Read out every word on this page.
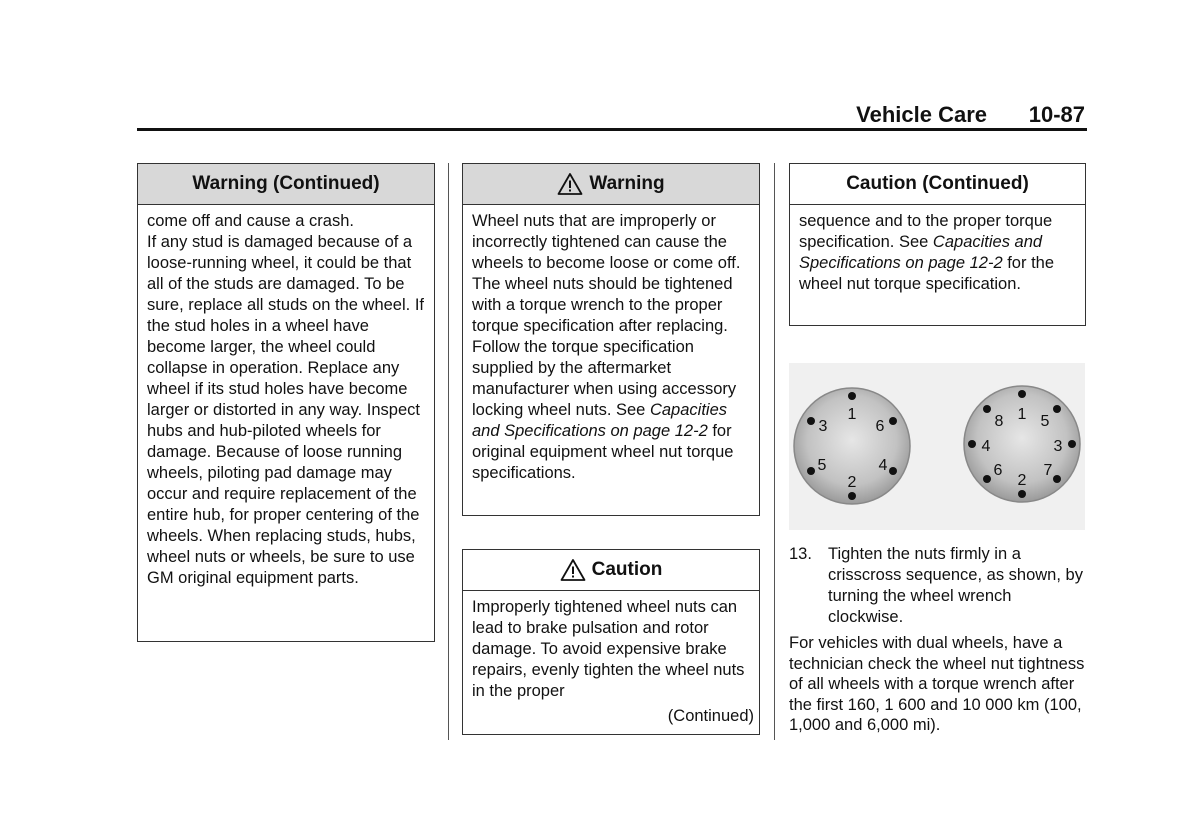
Vehicle Care 10-87
Warning (Continued)

come off and cause a crash.

If any stud is damaged because of a loose-running wheel, it could be that all of the studs are damaged. To be sure, replace all studs on the wheel. If the stud holes in a wheel have become larger, the wheel could collapse in operation. Replace any wheel if its stud holes have become larger or distorted in any way. Inspect hubs and hub-piloted wheels for damage. Because of loose running wheels, piloting pad damage may occur and require replacement of the entire hub, for proper centering of the wheels. When replacing studs, hubs, wheel nuts or wheels, be sure to use GM original equipment parts.

Warning

Wheel nuts that are improperly or incorrectly tightened can cause the wheels to become loose or come off. The wheel nuts should be tightened with a torque wrench to the proper torque specification after replacing. Follow the torque specification supplied by the aftermarket manufacturer when using accessory locking wheel nuts. See Capacities and Specifications on page 12-2 for original equipment wheel nut torque specifications.

Caution

Improperly tightened wheel nuts can lead to brake pulsation and rotor damage. To avoid expensive brake repairs, evenly tighten the wheel nuts in the proper

(Continued)

Caution (Continued)

sequence and to the proper torque specification. See Capacities and Specifications on page 12-2 for the wheel nut torque specification.

1
2
3
4
5
6
1
2
3
4
5
6	7
8
13. Tighten the nuts firmly in a crisscross sequence, as shown, by turning the wheel wrench clockwise.

For vehicles with dual wheels, have a technician check the wheel nut tightness of all wheels with a torque wrench after the first 160, 1 600 and 10 000 km (100, 1,000 and 6,000 mi).
